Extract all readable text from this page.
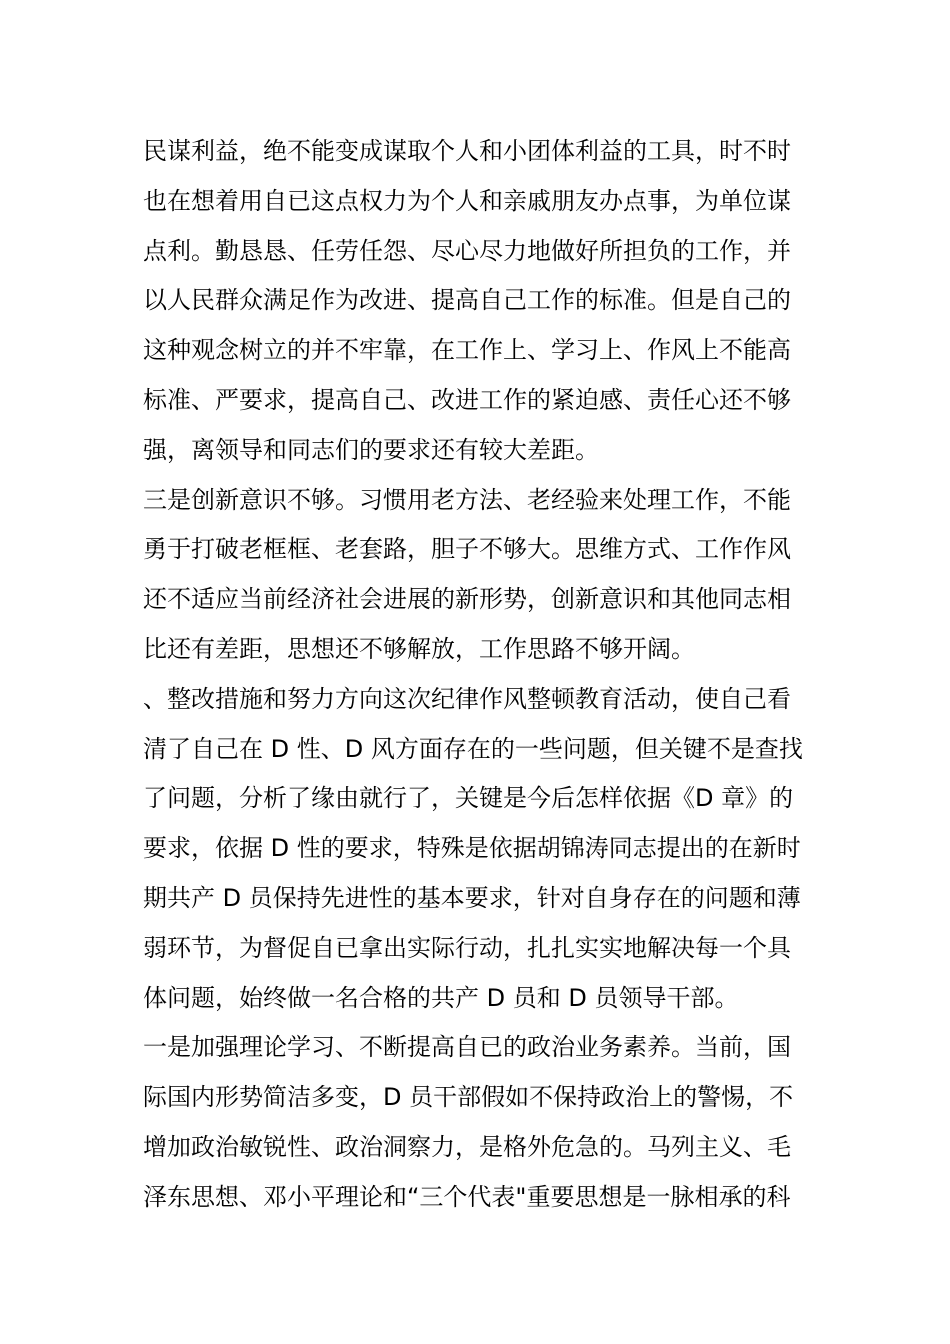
民谋利益，绝不能变成谋取个人和小团体利益的工具，时不时
也在想着用自已这点权力为个人和亲戚朋友办点事，为单位谋
点利。勤恳恳、任劳任怨、尽心尽力地做好所担负的工作，并
以人民群众满足作为改进、提高自己工作的标准。但是自己的
这种观念树立的并不牢靠，在工作上、学习上、作风上不能高
标准、严要求，提高自己、改进工作的紧迫感、责任心还不够
强，离领导和同志们的要求还有较大差距。
三是创新意识不够。习惯用老方法、老经验来处理工作，不能
勇于打破老框框、老套路，胆子不够大。思维方式、工作作风
还不适应当前经济社会进展的新形势，创新意识和其他同志相
比还有差距，思想还不够解放，工作思路不够开阔。
、整改措施和努力方向这次纪律作风整顿教育活动，使自己看
清了自己在 D 性、D 风方面存在的一些问题，但关键不是查找
了问题，分析了缘由就行了，关键是今后怎样依据《D 章》的
要求，依据 D 性的要求，特殊是依据胡锦涛同志提出的在新时
期共产 D 员保持先进性的基本要求，针对自身存在的问题和薄
弱环节，为督促自已拿出实际行动，扎扎实实地解决每一个具
体问题，始终做一名合格的共产 D 员和 D 员领导干部。
一是加强理论学习、不断提高自已的政治业务素养。当前，国
际国内形势简洁多变，D 员干部假如不保持政治上的警惕，不
增加政治敏锐性、政治洞察力，是格外危急的。马列主义、毛
泽东思想、邓小平理论和“三个代表"重要思想是一脉相承的科
